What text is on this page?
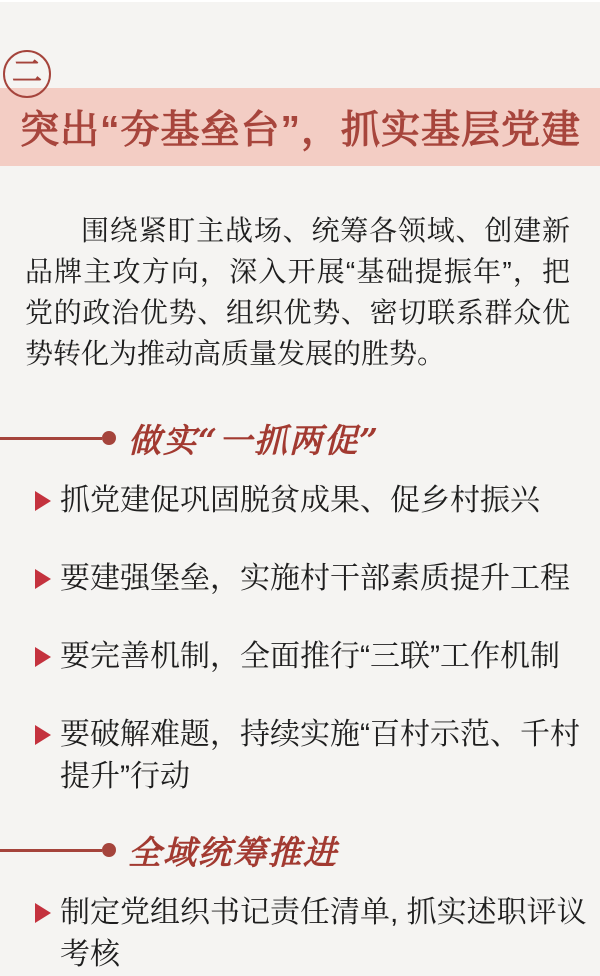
二
突出“夯基垒台”，抓实基层党建

围绕紧盯主战场、统筹各领域、创建新品牌主攻方向，深入开展“基础提振年”，把党的政治优势、组织优势、密切联系群众优势转化为推动高质量发展的胜势。

做实“一抓两促”
抓党建促巩固脱贫成果、促乡村振兴
要建强堡垒，实施村干部素质提升工程
要完善机制，全面推行“三联”工作机制
要破解难题，持续实施“百村示范、千村提升”行动
全域统筹推进
制定党组织书记责任清单, 抓实述职评议考核
